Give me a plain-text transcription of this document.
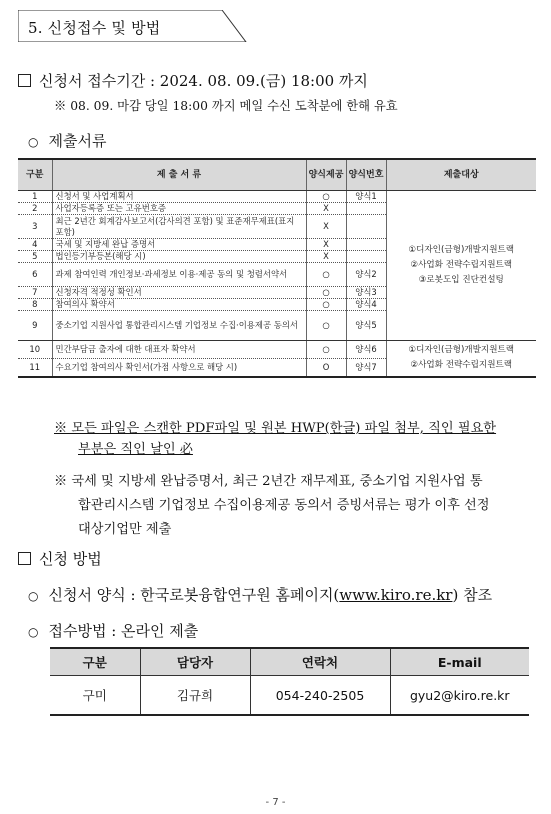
5. 신청접수 및 방법
신청서 접수기간 : 2024. 08. 09.(금) 18:00 까지
※ 08. 09. 마감 당일 18:00 까지 메일 수신 도착분에 한해 유효
○ 제출서류
구분	제 출 서 류	양식제공	양식번호	제출대상
1	신청서 및 사업계획서	○	양식1	①디자인(금형)개발지원트랙
②사업화 전략수립지원트랙
③로봇도입 진단컨설팅

2	사업자등록증 또는 고유번호증	X		
3	최근 2년간 회계감사보고서(감사의견 포함) 및 표준재무제표(표지 포함)	X		
4	국세 및 지방세 완납 증명서	X		
5	법인등기부등본(해당 시)	X		
6	과제 참여인력 개인정보·과세정보 이용·제공 동의 및 청렴서약서	○	양식2	
7	신청자격 적정성 확인서	○	양식3	
8	참여의사 확약서	○	양식4	
9	중소기업 지원사업 통합관리시스템 기업정보 수집·이용제공 동의서	○	양식5	
10	민간부담금 출자에 대한 대표자 확약서	○	양식6	①디자인(금형)개발지원트랙
②사업화 전략수립지원트랙

11	수요기업 참여의사 확인서(가점 사항으로 해당 시)	O	양식7	
※ 모든 파일은 스캔한 PDF파일 및 원본 HWP(한글) 파일 첨부, 직인 필요한
부분은 직인 날인 必
※ 국세 및 지방세 완납증명서, 최근 2년간 재무제표, 중소기업 지원사업 통
합관리시스템 기업정보 수집이용제공 동의서 증빙서류는 평가 이후 선정
대상기업만 제출
신청 방법
○ 신청서 양식 : 한국로봇융합연구원 홈페이지(www.kiro.re.kr) 참조
○ 접수방법 : 온라인 제출
구분	담당자	연락처	E-mail
구미	김규희	054-240-2505	gyu2@kiro.re.kr
- 7 -
